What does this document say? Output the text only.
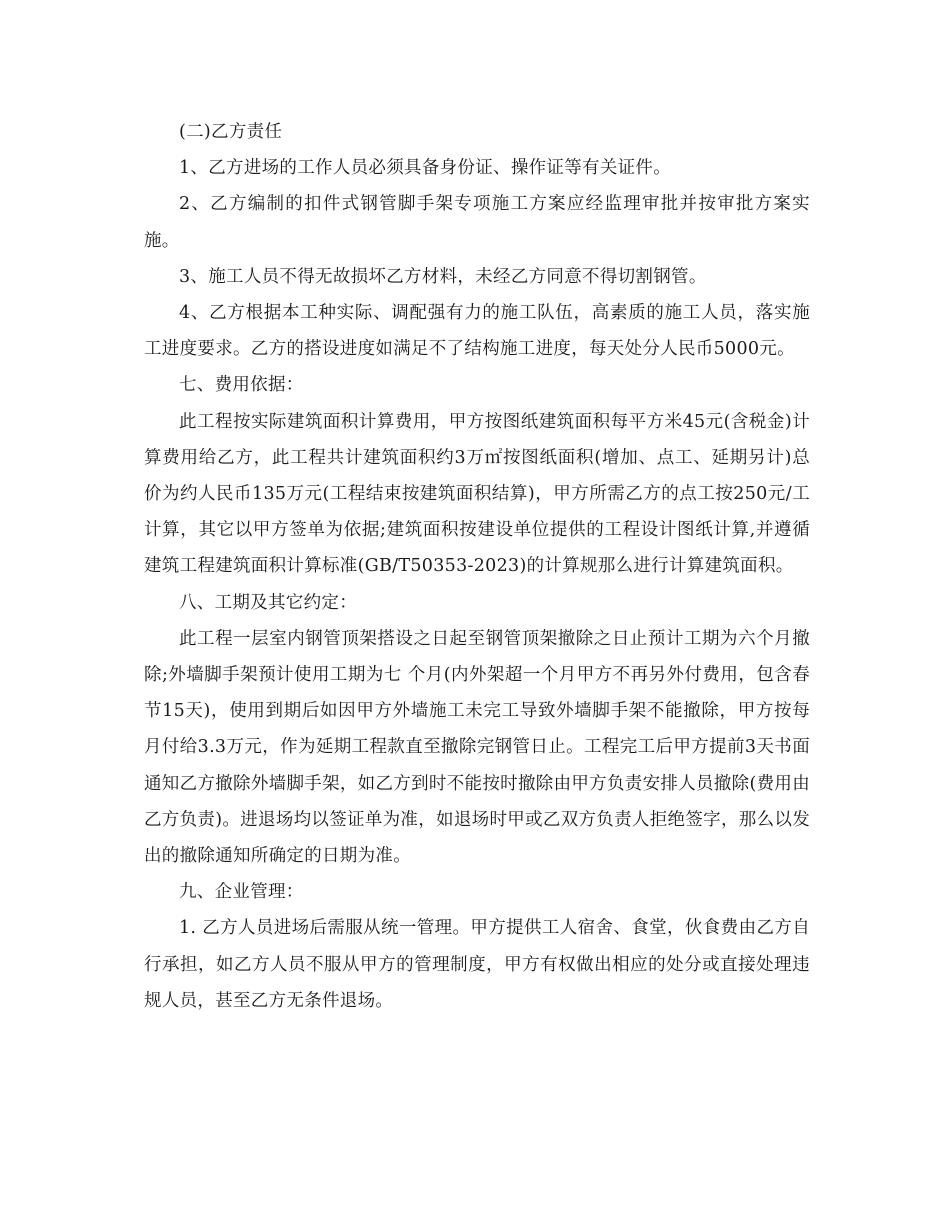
(二)乙方责任

1、乙方进场的工作人员必须具备身份证、操作证等有关证件。

2、乙方编制的扣件式钢管脚手架专项施工方案应经监理审批并按审批方案实施。

3、施工人员不得无故损坏乙方材料，未经乙方同意不得切割钢管。

4、乙方根据本工种实际、调配强有力的施工队伍，高素质的施工人员，落实施工进度要求。乙方的搭设进度如满足不了结构施工进度，每天处分人民币5000元。

七、费用依据：

此工程按实际建筑面积计算费用，甲方按图纸建筑面积每平方米45元(含税金)计算费用给乙方，此工程共计建筑面积约3万㎡按图纸面积(增加、点工、延期另计)总价为约人民币135万元(工程结束按建筑面积结算)，甲方所需乙方的点工按250元/工计算，其它以甲方签单为依据;建筑面积按建设单位提供的工程设计图纸计算,并遵循建筑工程建筑面积计算标准(GB/T50353-2023)的计算规那么进行计算建筑面积。

八、工期及其它约定：

此工程一层室内钢管顶架搭设之日起至钢管顶架撤除之日止预计工期为六个月撤除;外墙脚手架预计使用工期为七 个月(内外架超一个月甲方不再另外付费用，包含春节15天)，使用到期后如因甲方外墙施工未完工导致外墙脚手架不能撤除，甲方按每月付给3.3万元，作为延期工程款直至撤除完钢管日止。工程完工后甲方提前3天书面通知乙方撤除外墙脚手架，如乙方到时不能按时撤除由甲方负责安排人员撤除(费用由乙方负责)。进退场均以签证单为准，如退场时甲或乙双方负责人拒绝签字，那么以发出的撤除通知所确定的日期为准。

九、企业管理：

1. 乙方人员进场后需服从统一管理。甲方提供工人宿舍、食堂，伙食费由乙方自行承担，如乙方人员不服从甲方的管理制度，甲方有权做出相应的处分或直接处理违规人员，甚至乙方无条件退场。
